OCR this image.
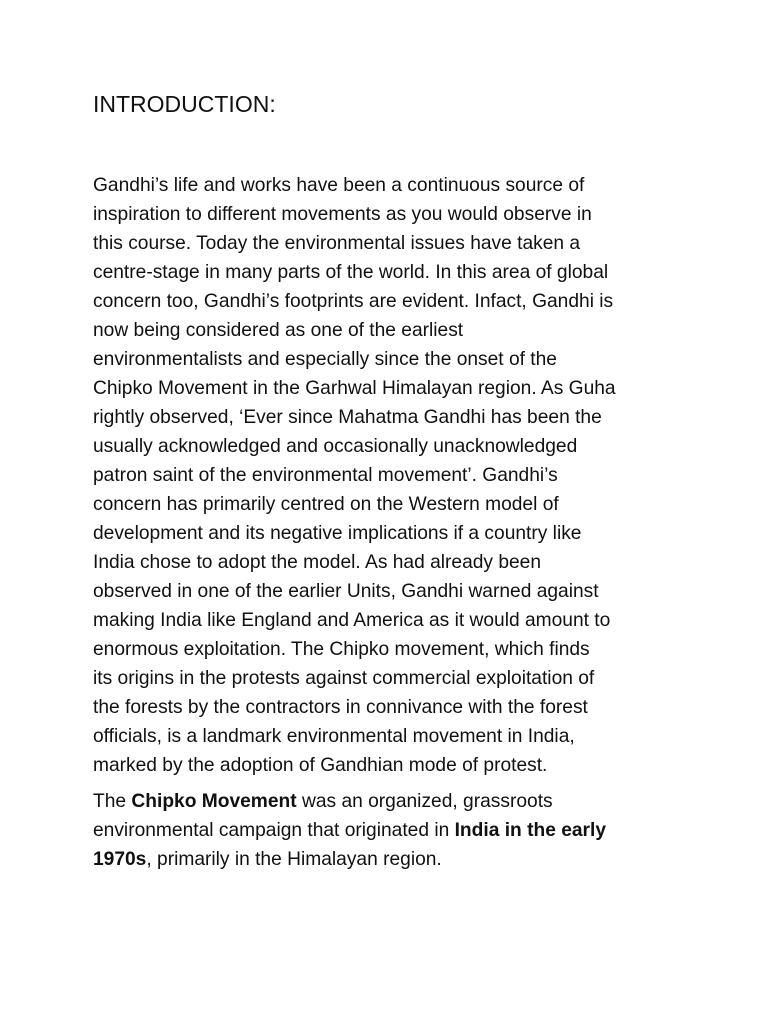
INTRODUCTION:
Gandhi’s life and works have been a continuous source of
inspiration to different movements as you would observe in
this course. Today the environmental issues have taken a
centre-stage in many parts of the world. In this area of global
concern too, Gandhi’s footprints are evident. Infact, Gandhi is
now being considered as one of the earliest
environmentalists and especially since the onset of the
Chipko Movement in the Garhwal Himalayan region. As Guha
rightly observed, ‘Ever since Mahatma Gandhi has been the
usually acknowledged and occasionally unacknowledged
patron saint of the environmental movement’. Gandhi’s
concern has primarily centred on the Western model of
development and its negative implications if a country like
India chose to adopt the model. As had already been
observed in one of the earlier Units, Gandhi warned against
making India like England and America as it would amount to
enormous exploitation. The Chipko movement, which finds
its origins in the protests against commercial exploitation of
the forests by the contractors in connivance with the forest
officials, is a landmark environmental movement in India,
marked by the adoption of Gandhian mode of protest.
The Chipko Movement was an organized, grassroots
environmental campaign that originated in India in the early
1970s, primarily in the Himalayan region.
